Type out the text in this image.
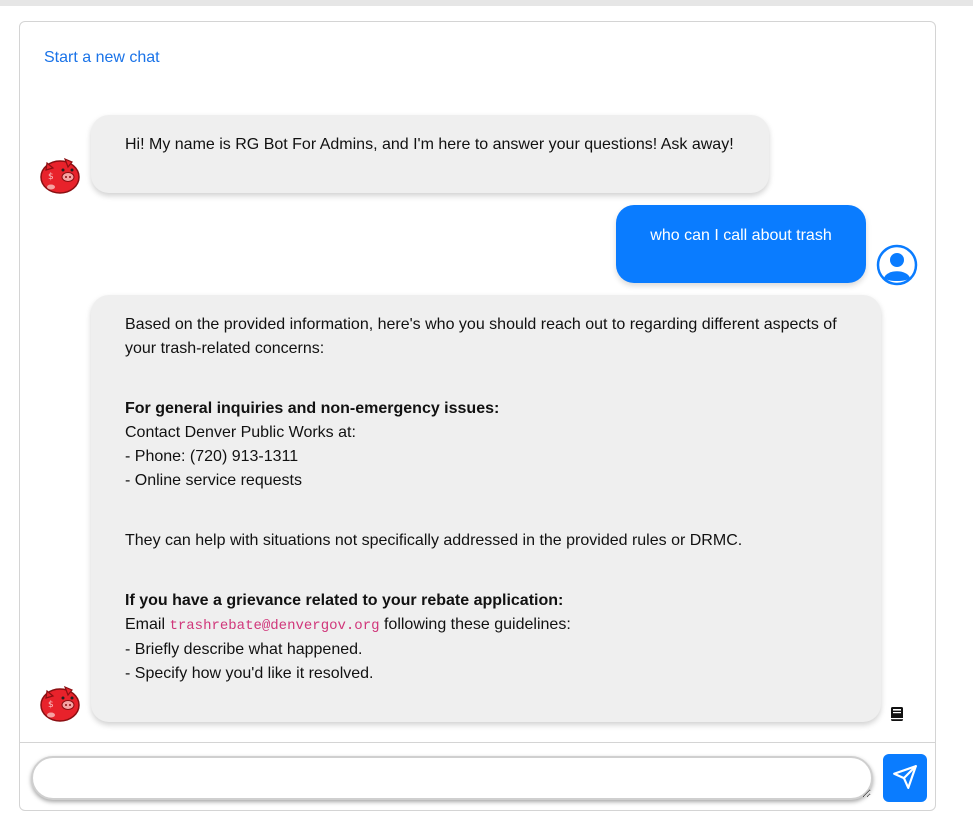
Start a new chat
Hi! My name is RG Bot For Admins, and I'm here to answer your questions! Ask away!
$
who can I call about trash

Based on the provided information, here's who you should reach out to regarding different aspects of your trash-related concerns:

For general inquiries and non-emergency issues:

Contact Denver Public Works at:

- Phone: (720) 913-1311

- Online service requests

They can help with situations not specifically addressed in the provided rules or DRMC.

If you have a grievance related to your rebate application:

Email trashrebate@denvergov.org following these guidelines:

- Briefly describe what happened.

- Specify how you'd like it resolved.

$
